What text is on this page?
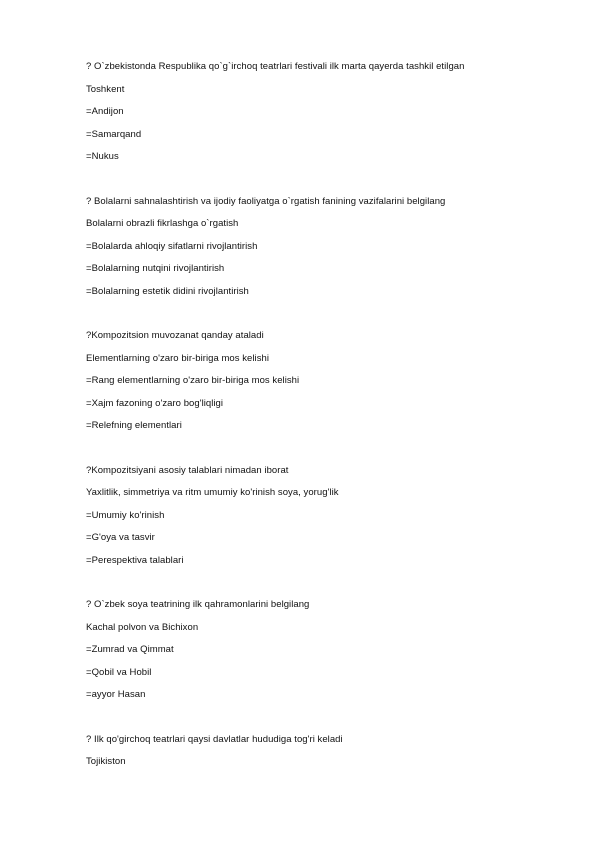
? O`zbekistonda Respublika qo`g`irchoq teatrlari festivali ilk marta qayerda tashkil etilgan
Toshkent
=Andijon
=Samarqand
=Nukus
? Bolalarni sahnalashtirish va ijodiy faoliyatga o`rgatish fanining vazifalarini belgilang
Bolalarni obrazli fikrlashga o`rgatish
=Bolalarda ahloqiy sifatlarni rivojlantirish
=Bolalarning nutqini rivojlantirish
=Bolalarning estetik didini rivojlantirish
?Kompozitsion muvozanat qanday ataladi
Elementlarning o'zaro bir-biriga mos kelishi
=Rang elementlarning o'zaro bir-biriga mos kelishi
=Xajm fazoning o'zaro bog'liqligi
=Relefning elementlari
?Kompozitsiyani asosiy talablari nimadan iborat
Yaxlitlik, simmetriya va ritm umumiy ko'rinish soya, yorug'lik
=Umumiy ko'rinish
=G'oya va tasvir
=Perespektiva talablari
? O`zbek soya teatrining ilk qahramonlarini belgilang
Kachal polvon va Bichixon
=Zumrad va Qimmat
=Qobil va Hobil
=ayyor Hasan
? Ilk qo'girchoq teatrlari qaysi davlatlar hududiga tog'ri keladi
Tojikiston
